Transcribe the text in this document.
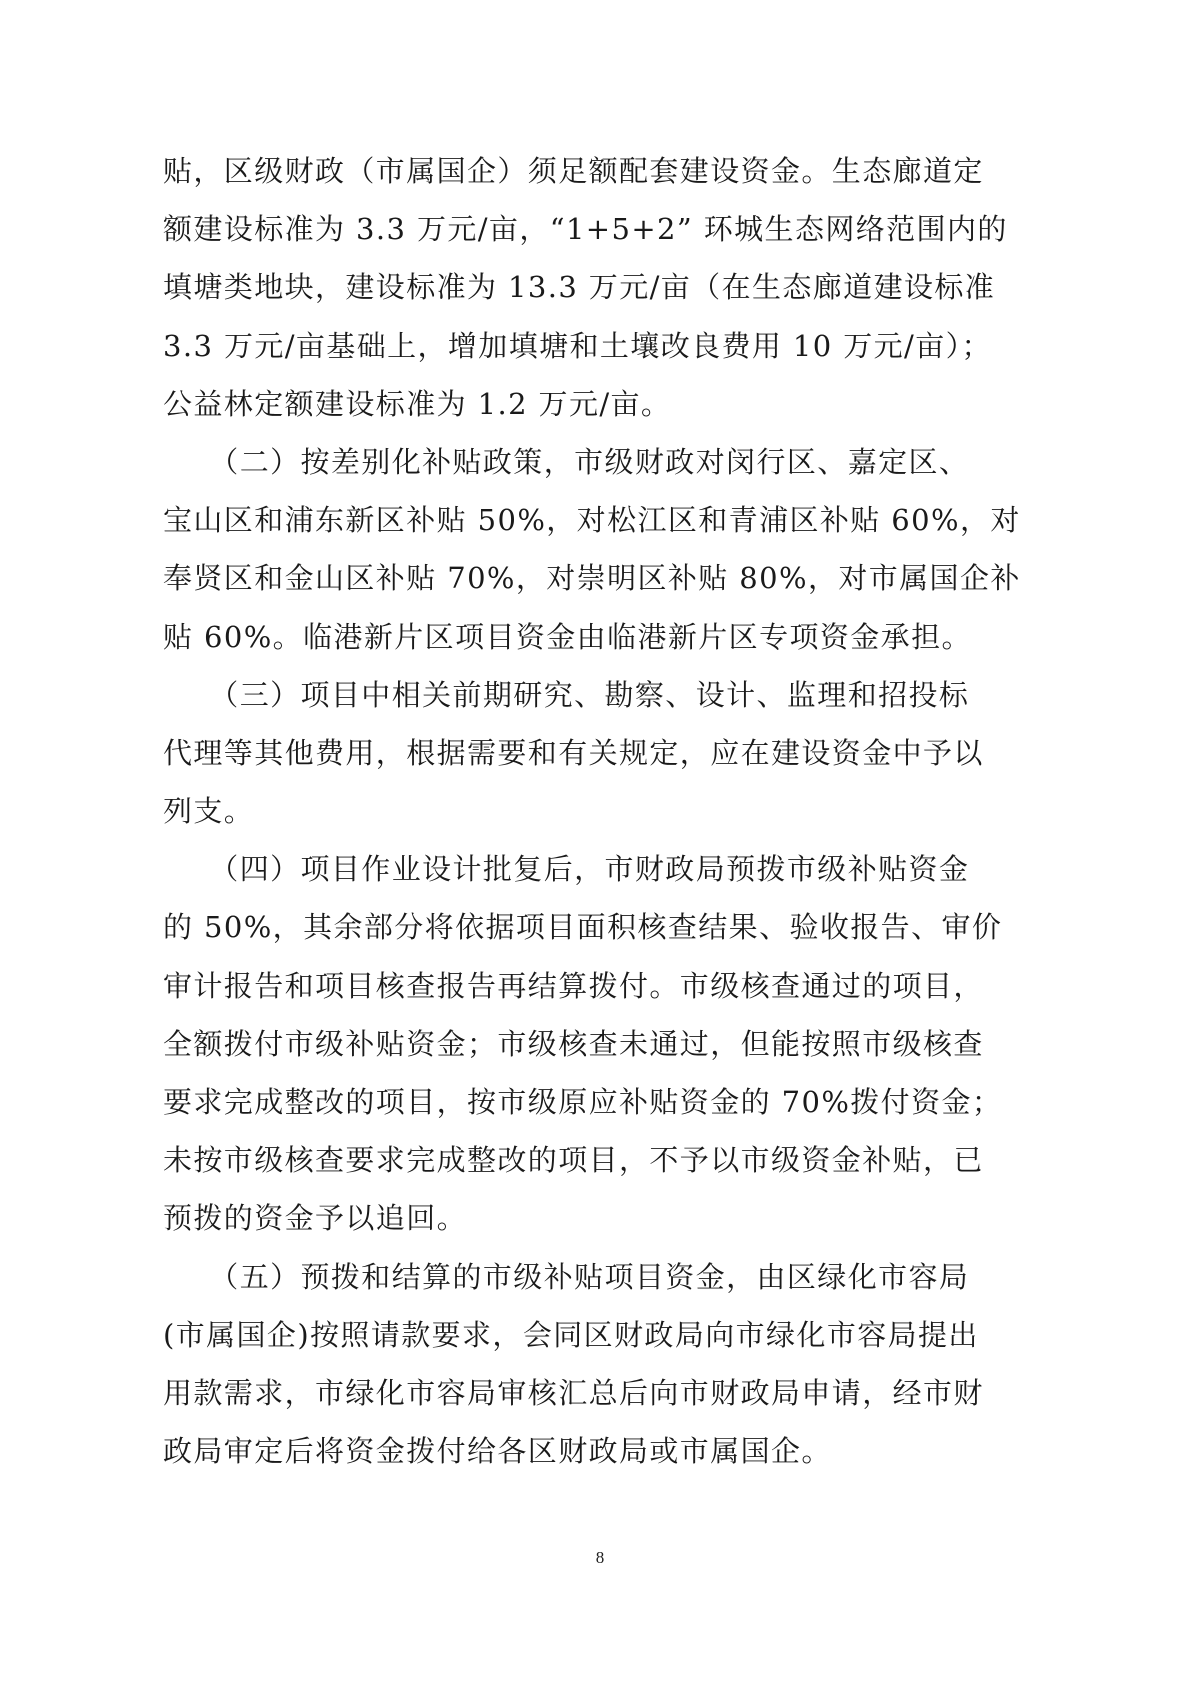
贴，区级财政（市属国企）须足额配套建设资金。生态廊道定
额建设标准为 3.3 万元/亩，“1+5+2” 环城生态网络范围内的
填塘类地块，建设标准为 13.3 万元/亩（在生态廊道建设标准
3.3 万元/亩基础上，增加填塘和土壤改良费用 10 万元/亩）；
公益林定额建设标准为 1.2 万元/亩。
　　（二）按差别化补贴政策，市级财政对闵行区、嘉定区、
宝山区和浦东新区补贴 50%，对松江区和青浦区补贴 60%，对
奉贤区和金山区补贴 70%，对崇明区补贴 80%，对市属国企补
贴 60%。临港新片区项目资金由临港新片区专项资金承担。
　　（三）项目中相关前期研究、勘察、设计、监理和招投标
代理等其他费用，根据需要和有关规定，应在建设资金中予以
列支。
　　（四）项目作业设计批复后，市财政局预拨市级补贴资金
的 50%，其余部分将依据项目面积核查结果、验收报告、审价
审计报告和项目核查报告再结算拨付。市级核查通过的项目，
全额拨付市级补贴资金；市级核查未通过，但能按照市级核查
要求完成整改的项目，按市级原应补贴资金的 70%拨付资金；
未按市级核查要求完成整改的项目，不予以市级资金补贴，已
预拨的资金予以追回。
　　（五）预拨和结算的市级补贴项目资金，由区绿化市容局
(市属国企)按照请款要求，会同区财政局向市绿化市容局提出
用款需求，市绿化市容局审核汇总后向市财政局申请，经市财
政局审定后将资金拨付给各区财政局或市属国企。
8
